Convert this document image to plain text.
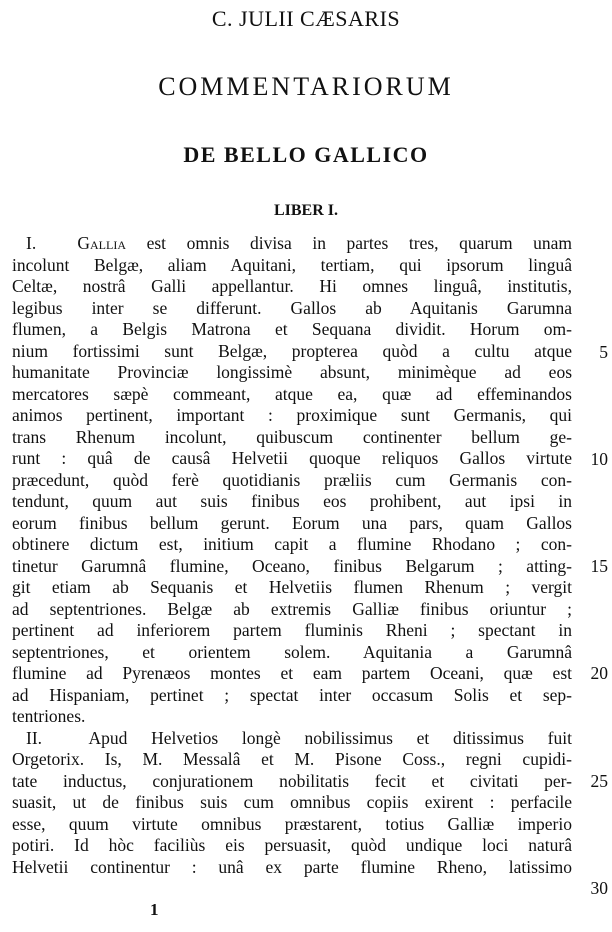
C. JULII CÆSARIS
COMMENTARIORUM
DE BELLO GALLICO
LIBER I.
I. Gallia est omnis divisa in partes tres, quarum unam
incolunt Belgæ, aliam Aquitani, tertiam, qui ipsorum linguâ
Celtæ, nostrâ Galli appellantur. Hi omnes linguâ, institutis,
legibus inter se differunt. Gallos ab Aquitanis Garumna
flumen, a Belgis Matrona et Sequana dividit. Horum om-
nium fortissimi sunt Belgæ, propterea quòd a cultu atque
humanitate Provinciæ longissimè absunt, minimèque ad eos
mercatores sæpè commeant, atque ea, quæ ad effeminandos
animos pertinent, important : proximique sunt Germanis, qui
trans Rhenum incolunt, quibuscum continenter bellum ge-
runt : quâ de causâ Helvetii quoque reliquos Gallos virtute
præcedunt, quòd ferè quotidianis præliis cum Germanis con-
tendunt, quum aut suis finibus eos prohibent, aut ipsi in
eorum finibus bellum gerunt. Eorum una pars, quam Gallos
obtinere dictum est, initium capit a flumine Rhodano ; con-
tinetur Garumnâ flumine, Oceano, finibus Belgarum ; atting-
git etiam ab Sequanis et Helvetiis flumen Rhenum ; vergit
ad septentriones. Belgæ ab extremis Galliæ finibus oriuntur ;
pertinent ad inferiorem partem fluminis Rheni ; spectant in
septentriones, et orientem solem. Aquitania a Garumnâ
flumine ad Pyrenæos montes et eam partem Oceani, quæ est
ad Hispaniam, pertinet ; spectat inter occasum Solis et sep-
tentriones.
II.	Apud Helvetios longè nobilissimus et ditissimus fuit
Orgetorix. Is, M. Messalâ et M. Pisone Coss., regni cupidi-
tate inductus, conjurationem nobilitatis fecit et civitati per-
suasit, ut de finibus suis cum omnibus copiis exirent : perfacile
esse, quum virtute omnibus præstarent, totius Galliæ imperio
potiri. Id hòc faciliùs eis persuasit, quòd undique loci naturâ
Helvetii continentur : unâ ex parte flumine Rheno, latissimo
5
10
15
20
25
30
1
